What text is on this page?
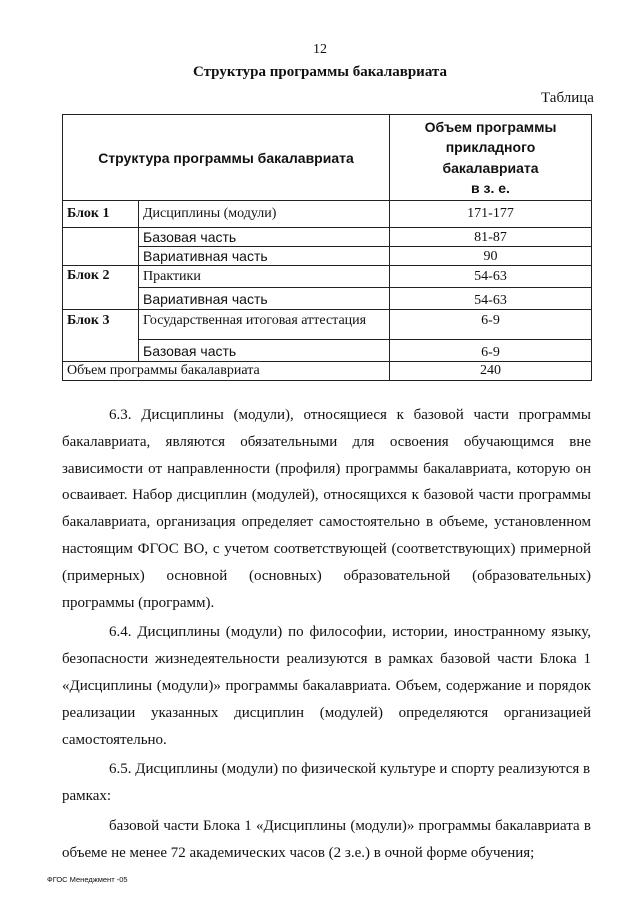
12
Структура программы бакалавриата
Таблица
Структура программы бакалавриата		Объем программы прикладного
бакалавриата
в з. е.

Блок 1	Дисциплины (модули)	171-177
	Базовая часть	81-87
	Вариативная часть	90
Блок 2	Практики	54-63
	Вариативная часть	54-63
Блок 3	Государственная итоговая аттестация	6-9
	Базовая часть	6-9
Объем программы бакалавриата		240

6.3. Дисциплины (модули), относящиеся к базовой части программы бакалавриата, являются обязательными для освоения обучающимся вне зависимости от направленности (профиля) программы бакалавриата, которую он осваивает. Набор дисциплин (модулей), относящихся к базовой части программы бакалавриата, организация определяет самостоятельно в объеме, установленном настоящим ФГОС ВО, с учетом соответствующей (соответствующих) примерной (примерных) основной (основных) образовательной (образовательных) программы (программ).

6.4. Дисциплины (модули) по философии, истории, иностранному языку, безопасности жизнедеятельности реализуются в рамках базовой части Блока 1 «Дисциплины (модули)» программы бакалавриата. Объем, содержание и порядок реализации указанных дисциплин (модулей) определяются организацией самостоятельно.

6.5. Дисциплины (модули) по физической культуре и спорту реализуются в рамках:

базовой части Блока 1 «Дисциплины (модули)» программы бакалавриата в объеме не менее 72 академических часов (2 з.е.) в очной форме обучения;

ФГОС Менеджмент -05
